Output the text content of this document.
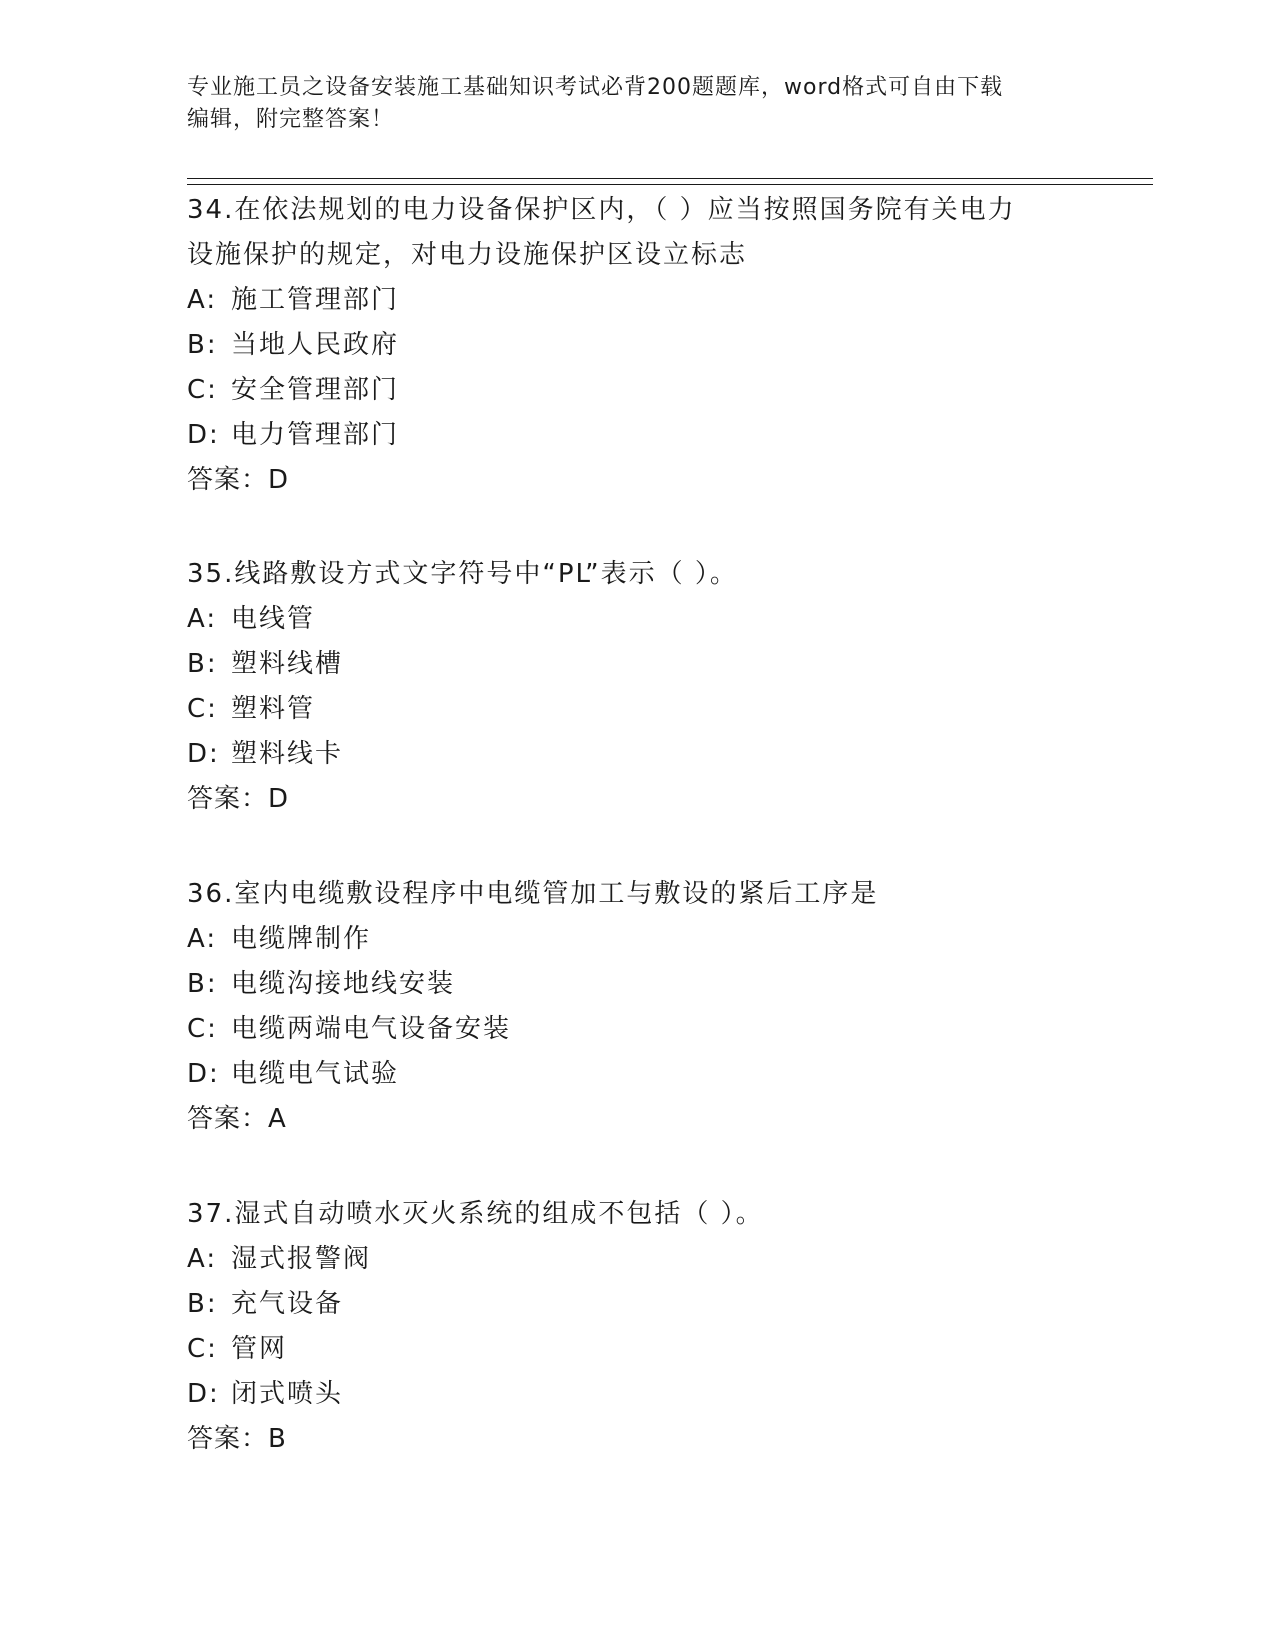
专业施工员之设备安装施工基础知识考试必背200题题库，word格式可自由下载
编辑，附完整答案！
34.在依法规划的电力设备保护区内，（ ）应当按照国务院有关电力
设施保护的规定，对电力设施保护区设立标志
A: 施工管理部门
B: 当地人民政府
C: 安全管理部门
D: 电力管理部门
答案：D
35.线路敷设方式文字符号中“PL”表示（ ）。
A: 电线管
B: 塑料线槽
C: 塑料管
D: 塑料线卡
答案：D
36.室内电缆敷设程序中电缆管加工与敷设的紧后工序是
A: 电缆牌制作
B: 电缆沟接地线安装
C: 电缆两端电气设备安装
D: 电缆电气试验
答案：A
37.湿式自动喷水灭火系统的组成不包括（ ）。
A: 湿式报警阀
B: 充气设备
C: 管网
D: 闭式喷头
答案：B
